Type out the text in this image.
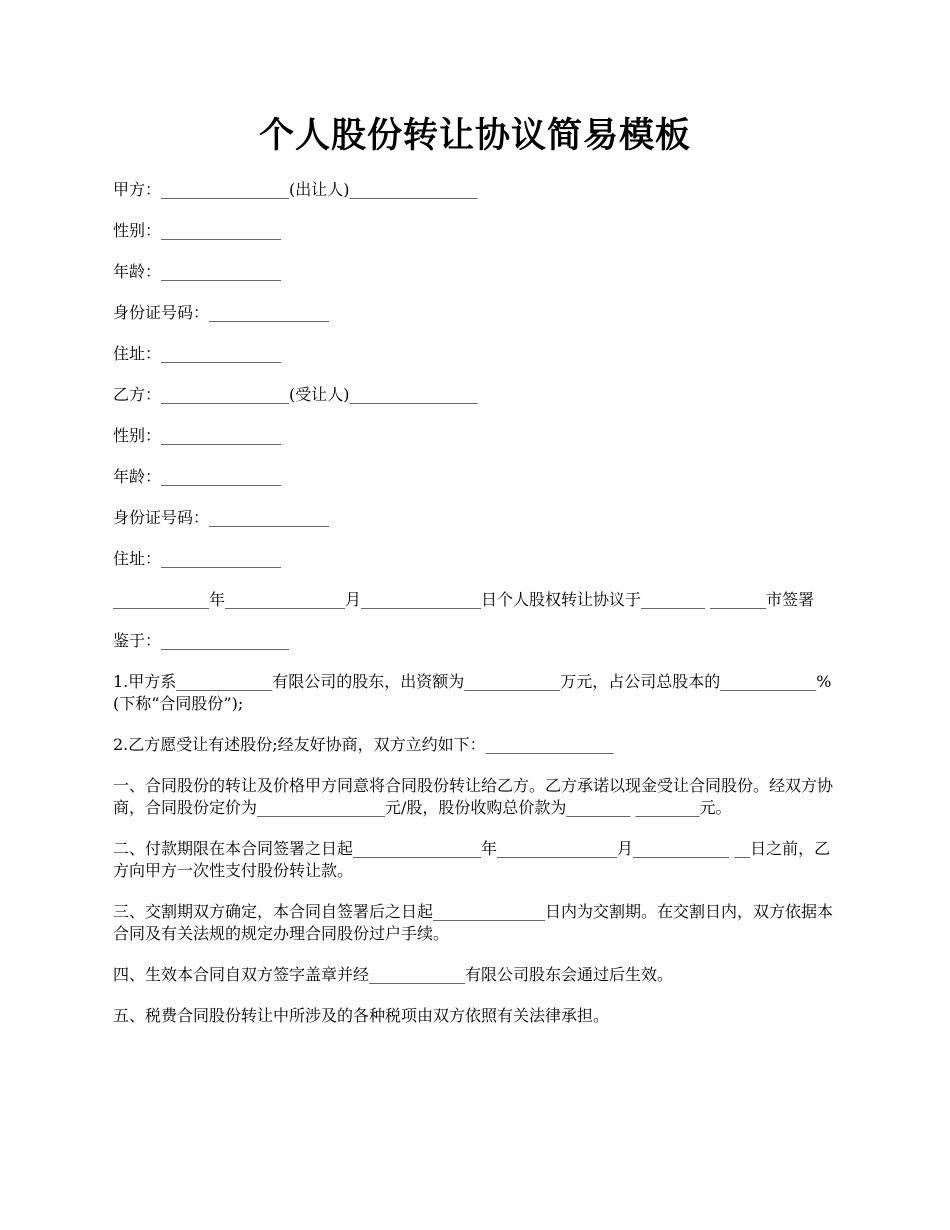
个人股份转让协议简易模板

甲方：________________(出让人)________________

性别：_______________

年龄：_______________

身份证号码：_______________

住址：_______________

乙方：________________(受让人)________________

性别：_______________

年龄：_______________

身份证号码：_______________

住址：_______________

____________年_______________月_______________日个人股权转让协议于________ _______市签署

鉴于：________________

1.甲方系____________有限公司的股东，出资额为____________万元，占公司总股本的____________%(下称“合同股份”);

2.乙方愿受让有述股份;经友好协商，双方立约如下：________________

一、合同股份的转让及价格甲方同意将合同股份转让给乙方。乙方承诺以现金受让合同股份。经双方协商，合同股份定价为________________元/股，股份收购总价款为________ ________元。

二、付款期限在本合同签署之日起________________年_______________月____________ __日之前，乙方向甲方一次性支付股份转让款。

三、交割期双方确定，本合同自签署后之日起______________日内为交割期。在交割日内，双方依据本合同及有关法规的规定办理合同股份过户手续。

四、生效本合同自双方签字盖章并经____________有限公司股东会通过后生效。

五、税费合同股份转让中所涉及的各种税项由双方依照有关法律承担。
